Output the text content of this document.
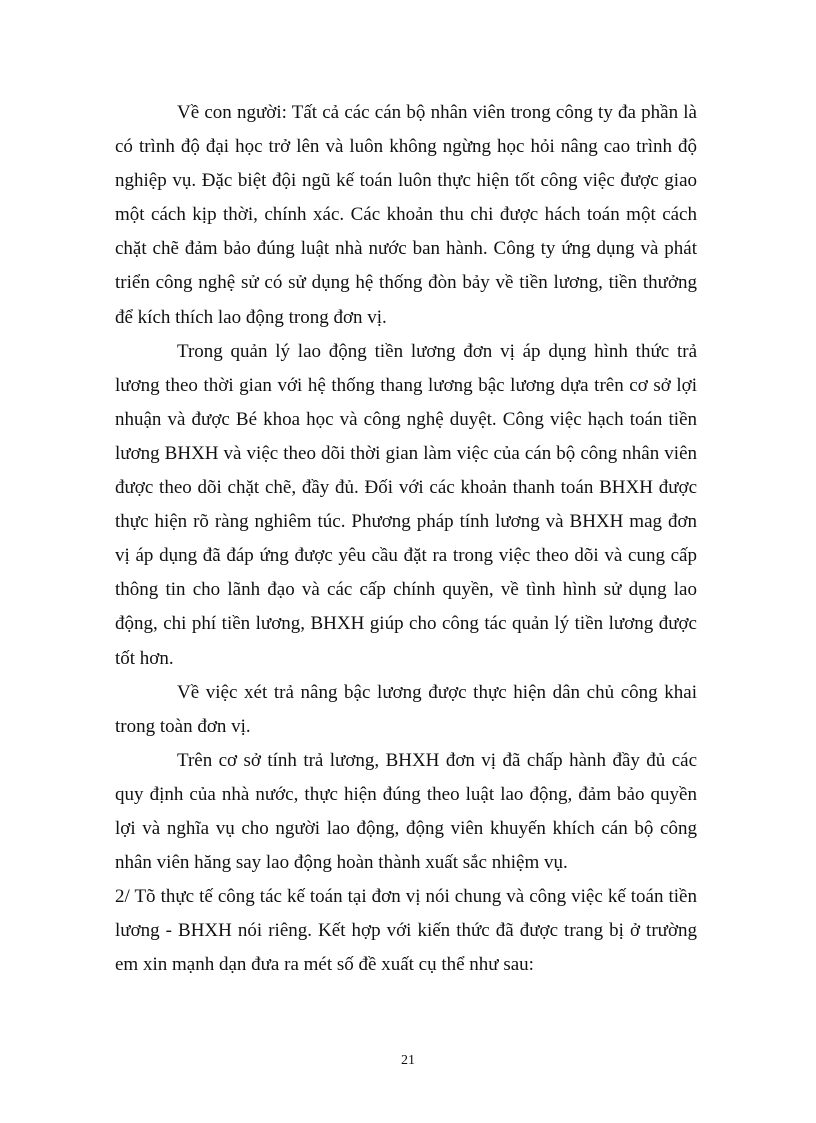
Về con người: Tất cả các cán bộ nhân viên trong công ty đa phần là có trình độ đại học trở lên và luôn không ngừng học hỏi nâng cao trình độ nghiệp vụ. Đặc biệt đội ngũ kế toán luôn thực hiện tốt công việc được giao một cách kịp thời, chính xác. Các khoản thu chi được hách toán một cách chặt chẽ đảm bảo đúng luật nhà nước ban hành. Công ty ứng dụng và phát triển công nghệ sử có sử dụng hệ thống đòn bảy về tiền lương, tiền thưởng để kích thích lao động trong đơn vị.

Trong quản lý lao động tiền lương đơn vị áp dụng hình thức trả lương theo thời gian với hệ thống thang lương bậc lương dựa trên cơ sở lợi nhuận và được Bé khoa học và công nghệ duyệt. Công việc hạch toán tiền lương BHXH và việc theo dõi thời gian làm việc của cán bộ công nhân viên được theo dõi chặt chẽ, đầy đủ. Đối với các khoản thanh toán BHXH được thực hiện rõ ràng nghiêm túc. Phương pháp tính lương và BHXH mag đơn vị áp dụng đã đáp ứng được yêu cầu đặt ra trong việc theo dõi và cung cấp thông tin cho lãnh đạo và các cấp chính quyền, về tình hình sử dụng lao động, chi phí tiền lương, BHXH giúp cho công tác quản lý tiền lương được tốt hơn.

Về việc xét trả nâng bậc lương được thực hiện dân chủ công khai trong toàn đơn vị.

Trên cơ sở tính trả lương, BHXH đơn vị đã chấp hành đầy đủ các quy định của nhà nước, thực hiện đúng theo luật lao động, đảm bảo quyền lợi và nghĩa vụ cho người lao động, động viên khuyến khích cán bộ công nhân viên hăng say lao động hoàn thành xuất sắc nhiệm vụ.

2/ Tõ thực tế công tác kế toán tại đơn vị nói chung và công việc kế toán tiền lương - BHXH nói riêng. Kết hợp với kiến thức đã được trang bị ở trường em xin mạnh dạn đưa ra mét số đề xuất cụ thể như sau:

21
